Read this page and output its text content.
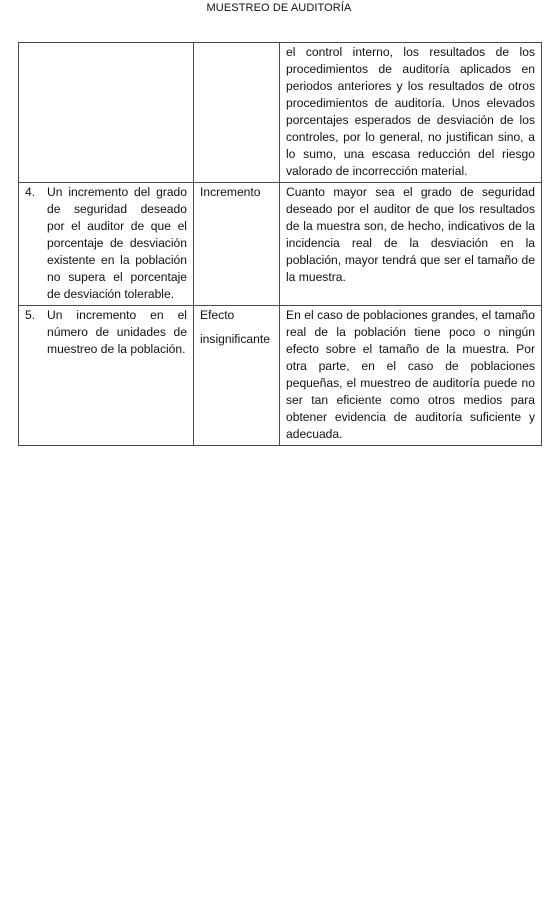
MUESTREO DE AUDITORÍA
		el control interno, los resultados de los procedimientos de auditoría aplicados en periodos anteriores y los resultados de otros procedimientos de auditoría. Unos elevados porcentajes esperados de desviación de los controles, por lo general, no justifican sino, a lo sumo, una escasa reducción del riesgo valorado de incorrección material.

4. Un incremento del grado de seguridad deseado por el auditor de que el porcentaje de desviación existente en la población no supera el porcentaje de desviación tolerable.	Incremento	Cuanto mayor sea el grado de seguridad deseado por el auditor de que los resultados de la muestra son, de hecho, indicativos de la incidencia real de la desviación en la población, mayor tendrá que ser el tamaño de la muestra.

5. Un incremento en el número de unidades de muestreo de la población.	Efecto
insignificante	En el caso de poblaciones grandes, el tamaño real de la población tiene poco o ningún efecto sobre el tamaño de la muestra. Por otra parte, en el caso de poblaciones pequeñas, el muestreo de auditoría puede no ser tan eficiente como otros medios para obtener evidencia de auditoría suficiente y adecuada.
